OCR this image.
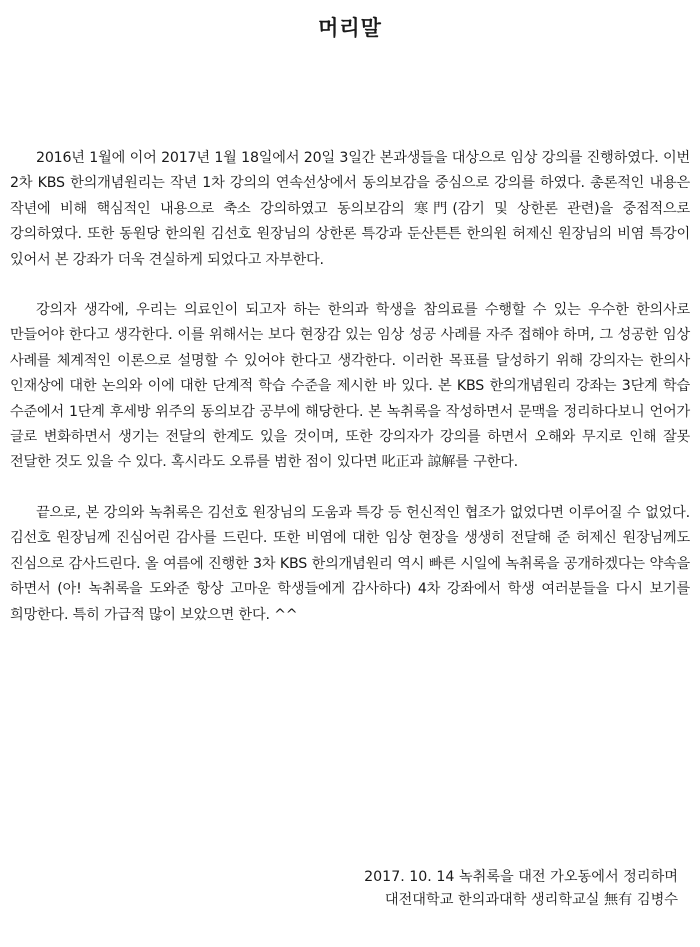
머리말

2016년 1월에 이어 2017년 1월 18일에서 20일 3일간 본과생들을 대상으로 임상 강의를 진행하였다. 이번 2차 KBS 한의개념원리는 작년 1차 강의의 연속선상에서 동의보감을 중심으로 강의를 하였다. 총론적인 내용은 작년에 비해 핵심적인 내용으로 축소 강의하였고 동의보감의 寒門(감기 및 상한론 관련)을 중점적으로 강의하였다. 또한 동원당 한의원 김선호 원장님의 상한론 특강과 둔산튼튼 한의원 허제신 원장님의 비염 특강이 있어서 본 강좌가 더욱 견실하게 되었다고 자부한다.

강의자 생각에, 우리는 의료인이 되고자 하는 한의과 학생을 참의료를 수행할 수 있는 우수한 한의사로 만들어야 한다고 생각한다. 이를 위해서는 보다 현장감 있는 임상 성공 사례를 자주 접해야 하며, 그 성공한 임상 사례를 체계적인 이론으로 설명할 수 있어야 한다고 생각한다. 이러한 목표를 달성하기 위해 강의자는 한의사 인재상에 대한 논의와 이에 대한 단계적 학습 수준을 제시한 바 있다. 본 KBS 한의개념원리 강좌는 3단계 학습 수준에서 1단계 후세방 위주의 동의보감 공부에 해당한다. 본 녹취록을 작성하면서 문맥을 정리하다보니 언어가 글로 변화하면서 생기는 전달의 한계도 있을 것이며, 또한 강의자가 강의를 하면서 오해와 무지로 인해 잘못 전달한 것도 있을 수 있다. 혹시라도 오류를 범한 점이 있다면 叱正과 諒解를 구한다.

끝으로, 본 강의와 녹취록은 김선호 원장님의 도움과 특강 등 헌신적인 협조가 없었다면 이루어질 수 없었다. 김선호 원장님께 진심어린 감사를 드린다. 또한 비염에 대한 임상 현장을 생생히 전달해 준 허제신 원장님께도 진심으로 감사드린다. 올 여름에 진행한 3차 KBS 한의개념원리 역시 빠른 시일에 녹취록을 공개하겠다는 약속을 하면서 (아! 녹취록을 도와준 항상 고마운 학생들에게 감사하다) 4차 강좌에서 학생 여러분들을 다시 보기를 희망한다. 특히 가급적 많이 보았으면 한다. ^^

2017. 10. 14 녹취록을 대전 가오동에서 정리하며
대전대학교 한의과대학 생리학교실 無有 김병수
